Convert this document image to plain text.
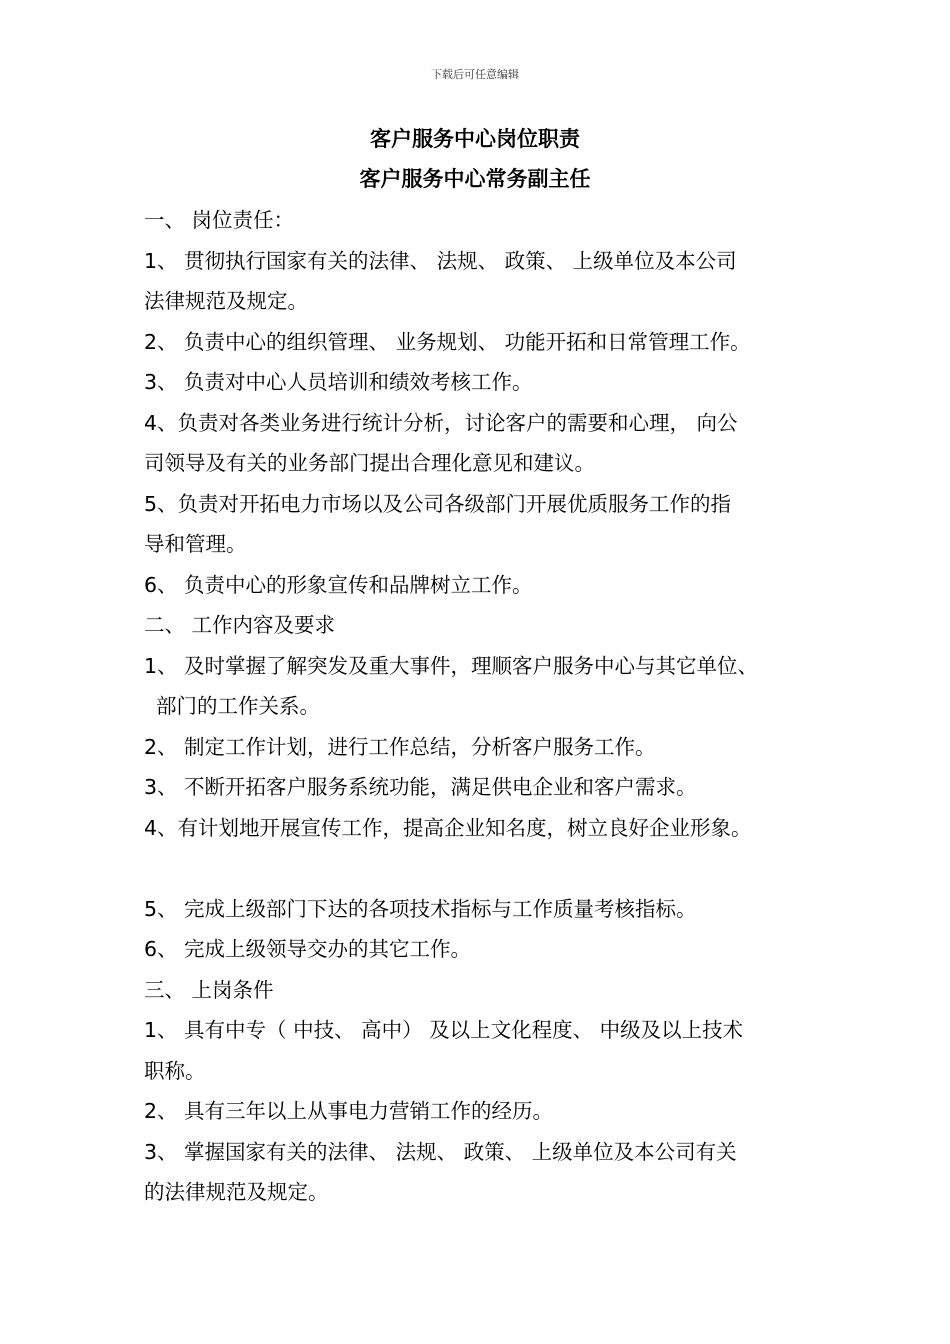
下载后可任意编辑
客户服务中心岗位职责
客户服务中心常务副主任
一、 岗位责任：
1、 贯彻执行国家有关的法律、 法规、 政策、 上级单位及本公司
法律规范及规定。
2、 负责中心的组织管理、 业务规划、 功能开拓和日常管理工作。
3、 负责对中心人员培训和绩效考核工作。
4、负责对各类业务进行统计分析，讨论客户的需要和心理， 向公
司领导及有关的业务部门提出合理化意见和建议。
5、负责对开拓电力市场以及公司各级部门开展优质服务工作的指
导和管理。
6、 负责中心的形象宣传和品牌树立工作。
二、 工作内容及要求
1、 及时掌握了解突发及重大事件，理顺客户服务中心与其它单位、
部门的工作关系。
2、 制定工作计划，进行工作总结，分析客户服务工作。
3、 不断开拓客户服务系统功能，满足供电企业和客户需求。
4、有计划地开展宣传工作，提高企业知名度，树立良好企业形象。
5、 完成上级部门下达的各项技术指标与工作质量考核指标。
6、 完成上级领导交办的其它工作。
三、 上岗条件
1、 具有中专（ 中技、 高中） 及以上文化程度、 中级及以上技术
职称。
2、 具有三年以上从事电力营销工作的经历。
3、 掌握国家有关的法律、 法规、 政策、 上级单位及本公司有关
的法律规范及规定。
